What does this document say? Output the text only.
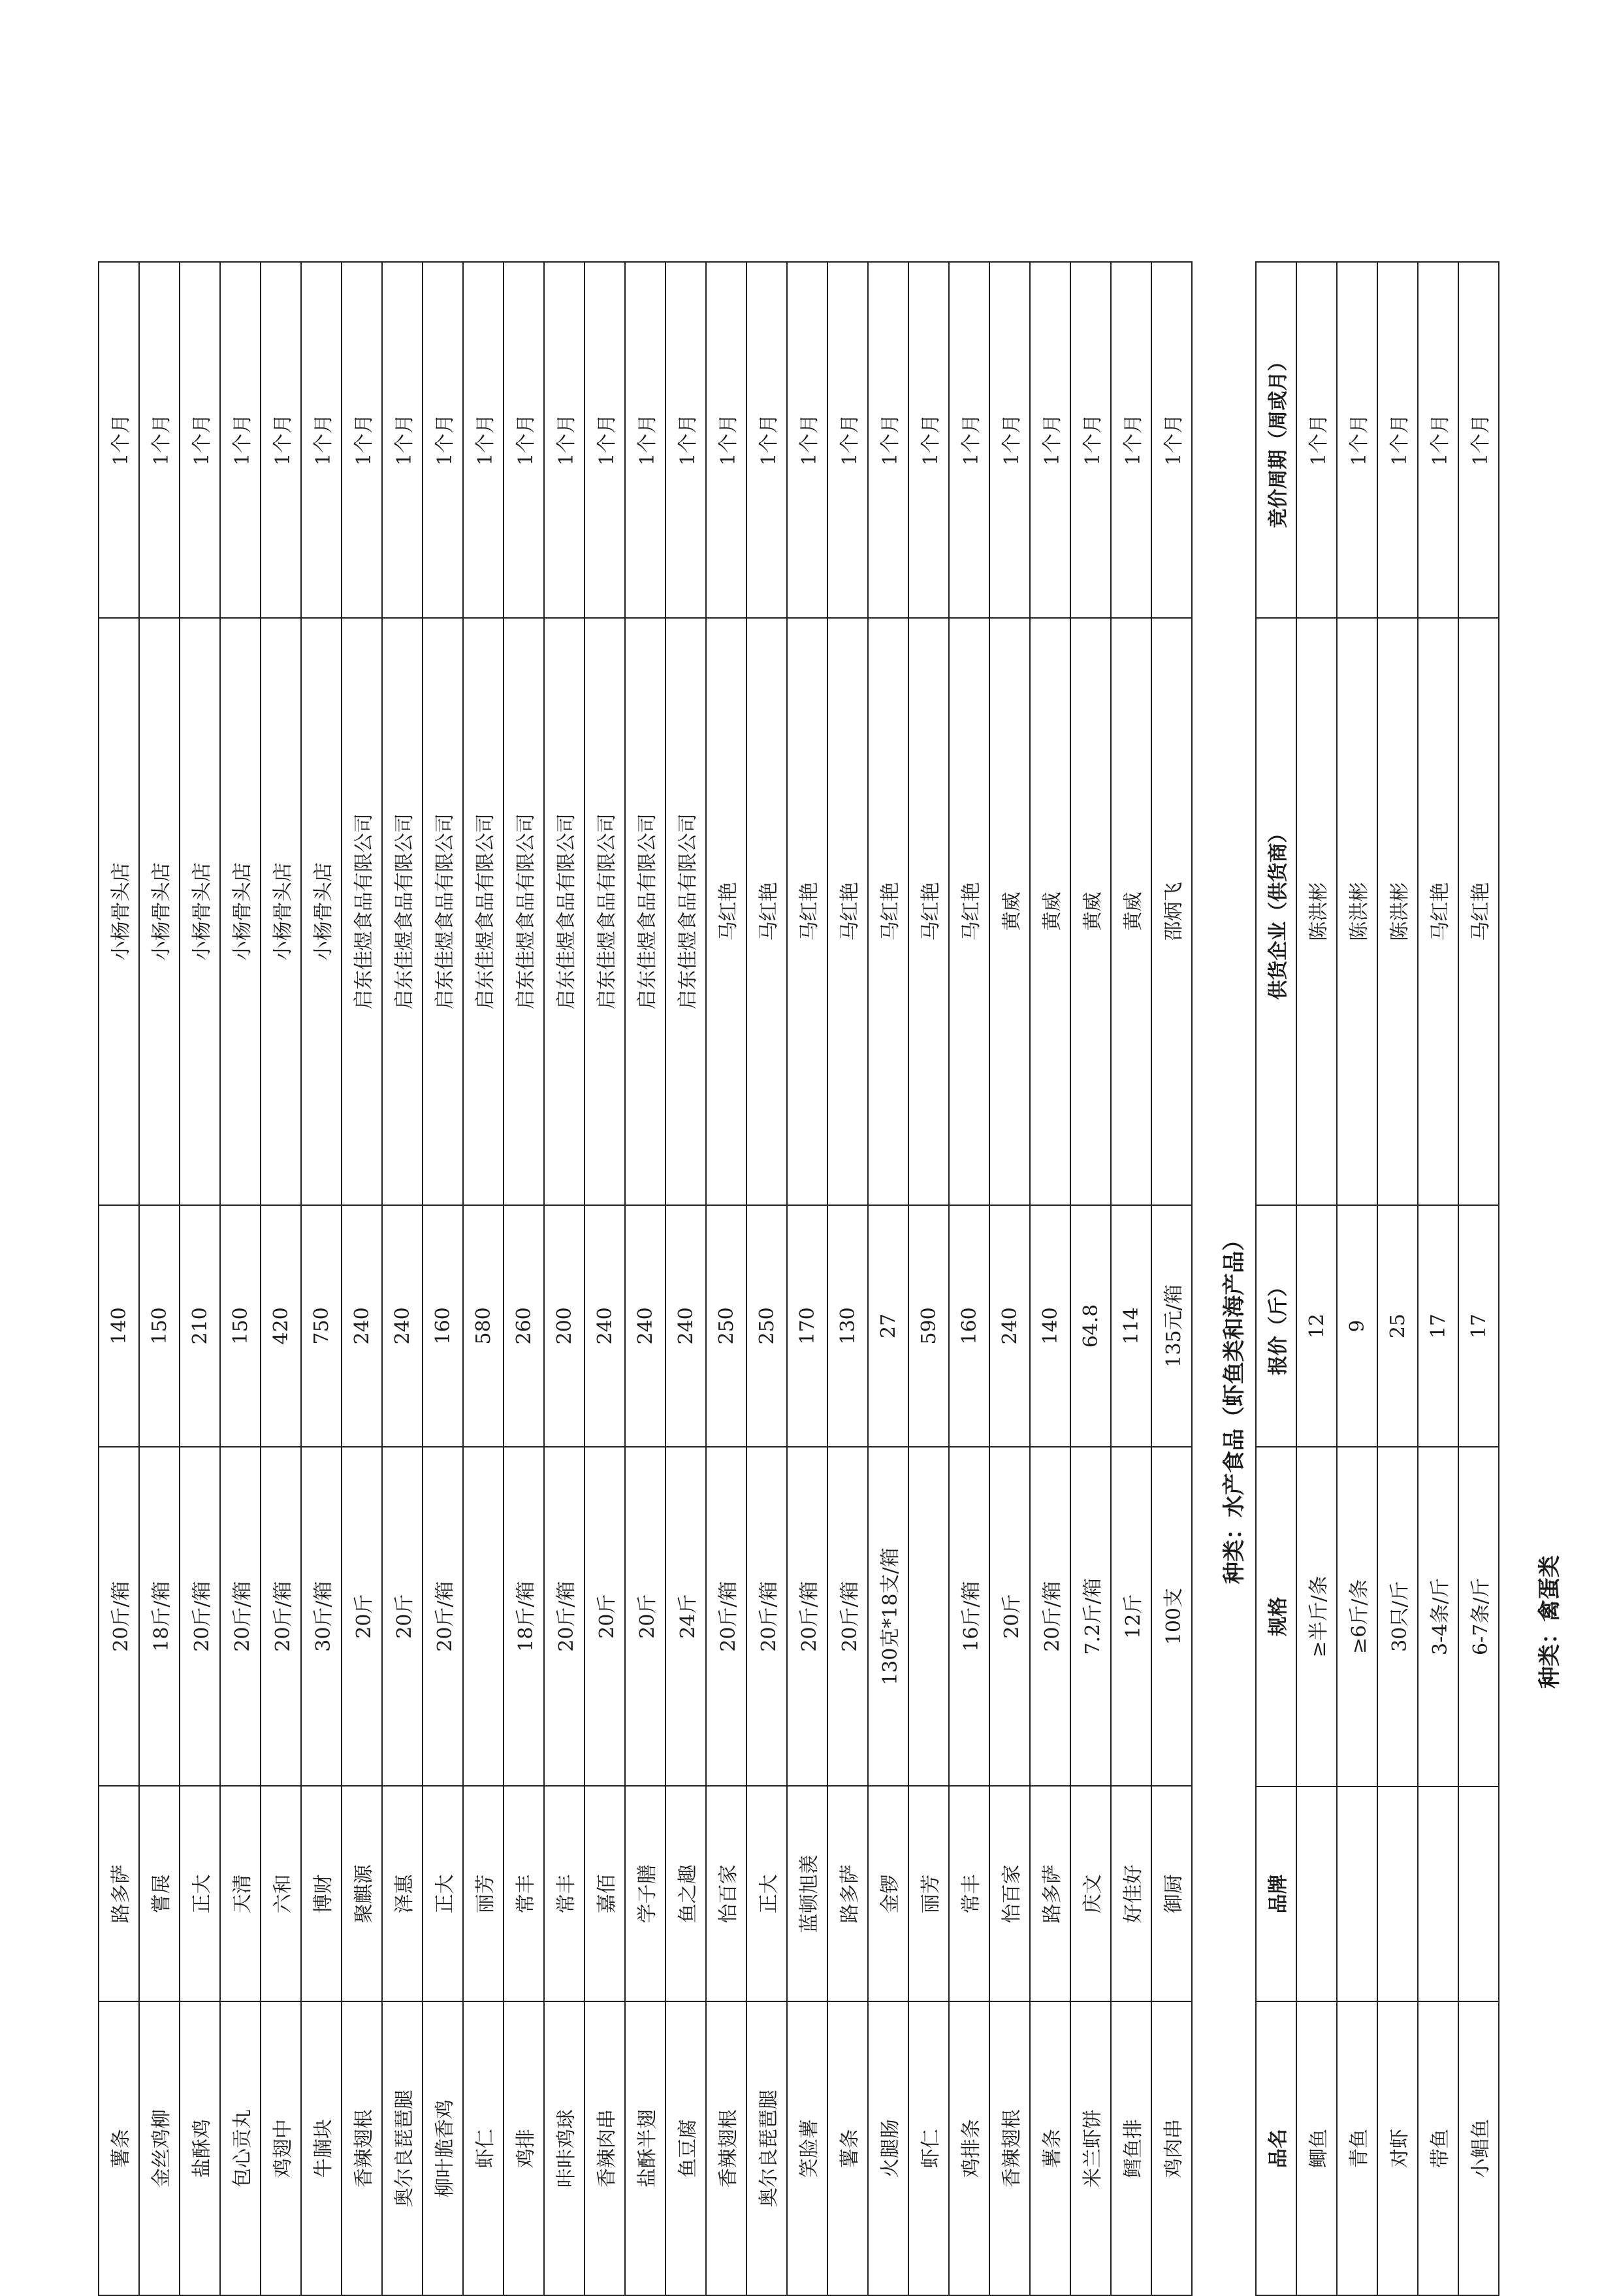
薯条	路多萨	20斤/箱	140	小杨骨头店	1个月
金丝鸡柳	嘗展	18斤/箱	150	小杨骨头店	1个月
盐酥鸡	正大	20斤/箱	210	小杨骨头店	1个月
包心贡丸	天清	20斤/箱	150	小杨骨头店	1个月
鸡翅中	六和	20斤/箱	420	小杨骨头店	1个月
牛腩块	博财	30斤/箱	750	小杨骨头店	1个月
香辣翅根	聚麒源	20斤	240	启东佳煜食品有限公司	1个月
奥尔良琵琶腿	泽惠	20斤	240	启东佳煜食品有限公司	1个月
柳叶脆香鸡	正大	20斤/箱	160	启东佳煜食品有限公司	1个月
虾仁	丽芳		580	启东佳煜食品有限公司	1个月
鸡排	常丰	18斤/箱	260	启东佳煜食品有限公司	1个月
咔咔鸡球	常丰	20斤/箱	200	启东佳煜食品有限公司	1个月
香辣肉串	嘉佰	20斤	240	启东佳煜食品有限公司	1个月
盐酥半翅	学子膳	20斤	240	启东佳煜食品有限公司	1个月
鱼豆腐	鱼之趣	24斤	240	启东佳煜食品有限公司	1个月
香辣翅根	怡百家	20斤/箱	250	马红艳	1个月
奥尔良琵琶腿	正大	20斤/箱	250	马红艳	1个月
笑脸薯	蓝顿旭羡	20斤/箱	170	马红艳	1个月
薯条	路多萨	20斤/箱	130	马红艳	1个月
火腿肠	金锣	130克*18支/箱	27	马红艳	1个月
虾仁	丽芳		590	马红艳	1个月
鸡排条	常丰	16斤/箱	160	马红艳	1个月
香辣翅根	怡百家	20斤	240	黄威	1个月
薯条	路多萨	20斤/箱	140	黄威	1个月
米兰虾饼	庆文	7.2斤/箱	64.8	黄威	1个月
鳕鱼排	好佳好	12斤	114	黄威	1个月
鸡肉串	御厨	100支	135元/箱	邵炳飞	1个月
种类：水产食品（虾鱼类和海产品）
品名	品牌	规格	报价（斤）	供货企业（供货商）	竞价周期（周或月）
鲫鱼		≥半斤/条	12	陈洪彬	1个月
青鱼		≥6斤/条	9	陈洪彬	1个月
对虾		30只/斤	25	陈洪彬	1个月
带鱼		3-4条/斤	17	马红艳	1个月
小鲳鱼		6-7条/斤	17	马红艳	1个月
种类：禽蛋类
